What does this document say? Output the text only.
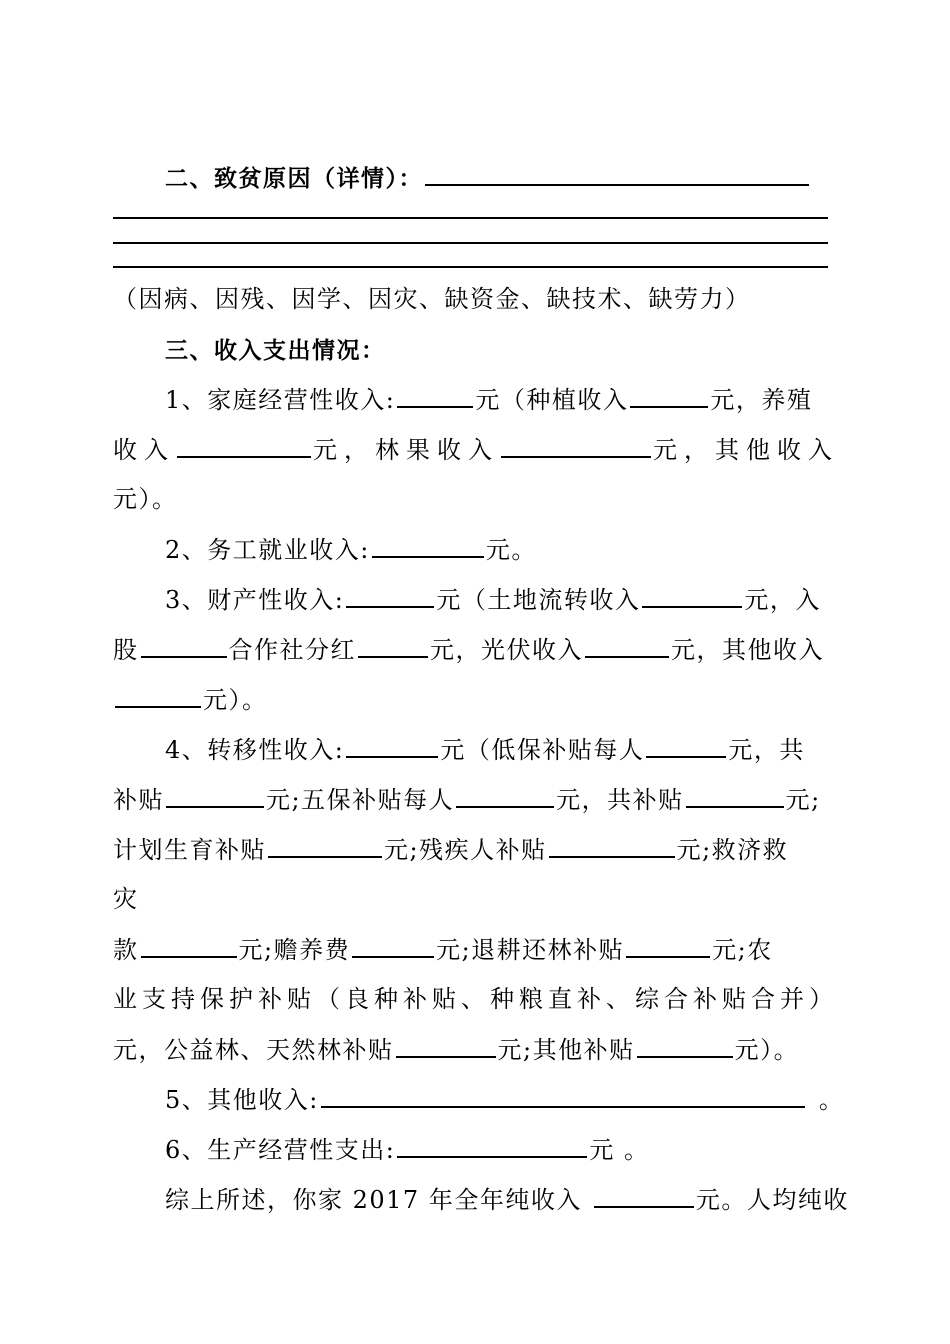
二、致贫原因（详情）：
（因病、因残、因学、因灾、缺资金、缺技术、缺劳力）
三、收入支出情况：
1、家庭经营性收入:	元（种植收入	元，养殖
收入	元，林果收入	元，其他收入
元）。
2、务工就业收入:	元。
3、财产性收入:	元（土地流转收入	元，入
股	合作社分红	元，光伏收入	元，其他收入
元）。
4、转移性收入:	元（低保补贴每人	元，共
补贴	元;五保补贴每人	元，共补贴	元;
计划生育补贴	元;残疾人补贴	元;救济救
灾
款	元;赡养费	元;退耕还林补贴	元;农
业支持保护补贴（良种补贴、种粮直补、综合补贴合并）
元，公益林、天然林补贴	元;其他补贴	元）。
5、其他收入:	。
6、生产经营性支出:	元 。
综上所述，你家 2017 年全年纯收入	元。人均纯收
